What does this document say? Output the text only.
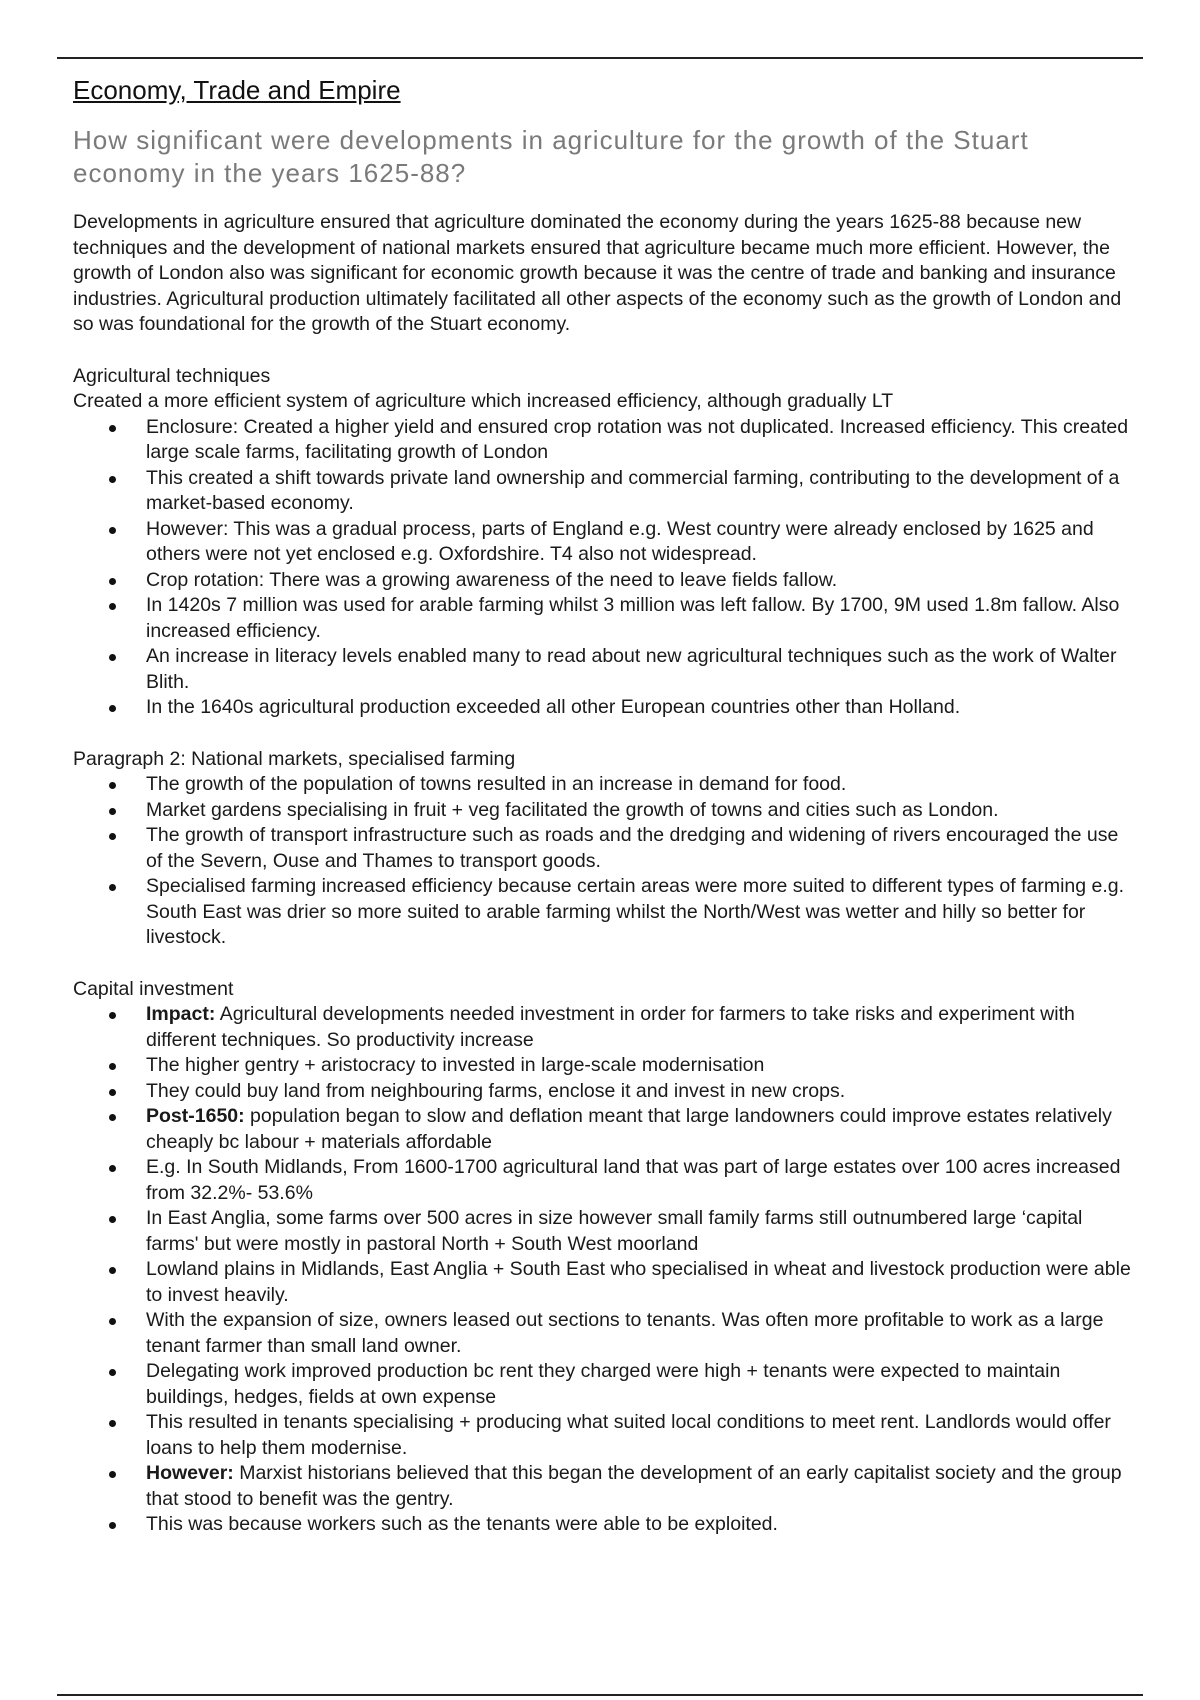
Economy, Trade and Empire
How significant were developments in agriculture for the growth of the Stuart economy in the years 1625-88?

Developments in agriculture ensured that agriculture dominated the economy during the years 1625-88 because new techniques and the development of national markets ensured that agriculture became much more efficient. However, the growth of London also was significant for economic growth because it was the centre of trade and banking and insurance industries. Agricultural production ultimately facilitated all other aspects of the economy such as the growth of London and so was foundational for the growth of the Stuart economy.

Agricultural techniques
Created a more efficient system of agriculture which increased efficiency, although gradually LT
Enclosure: Created a higher yield and ensured crop rotation was not duplicated. Increased efficiency. This created large scale farms, facilitating growth of London
This created a shift towards private land ownership and commercial farming, contributing to the development of a market-based economy.
However: This was a gradual process, parts of England e.g. West country were already enclosed by 1625 and others were not yet enclosed e.g. Oxfordshire. T4 also not widespread.
Crop rotation: There was a growing awareness of the need to leave fields fallow.
In 1420s 7 million was used for arable farming whilst 3 million was left fallow. By 1700, 9M used 1.8m fallow. Also increased efficiency.
An increase in literacy levels enabled many to read about new agricultural techniques such as the work of Walter Blith.
In the 1640s agricultural production exceeded all other European countries other than Holland.
Paragraph 2: National markets, specialised farming
The growth of the population of towns resulted in an increase in demand for food.
Market gardens specialising in fruit + veg facilitated the growth of towns and cities such as London.
The growth of transport infrastructure such as roads and the dredging and widening of rivers encouraged the use of the Severn, Ouse and Thames to transport goods.
Specialised farming increased efficiency because certain areas were more suited to different types of farming e.g. South East was drier so more suited to arable farming whilst the North/West was wetter and hilly so better for livestock.
Capital investment
Impact: Agricultural developments needed investment in order for farmers to take risks and experiment with different techniques. So productivity increase
The higher gentry + aristocracy to invested in large-scale modernisation
They could buy land from neighbouring farms, enclose it and invest in new crops.
Post-1650: population began to slow and deflation meant that large landowners could improve estates relatively cheaply bc labour + materials affordable
E.g. In South Midlands, From 1600-1700 agricultural land that was part of large estates over 100 acres increased from 32.2%- 53.6%
In East Anglia, some farms over 500 acres in size however small family farms still outnumbered large ‘capital farms' but were mostly in pastoral North + South West moorland
Lowland plains in Midlands, East Anglia + South East who specialised in wheat and livestock production were able to invest heavily.
With the expansion of size, owners leased out sections to tenants. Was often more profitable to work as a large tenant farmer than small land owner.
Delegating work improved production bc rent they charged were high + tenants were expected to maintain buildings, hedges, fields at own expense
This resulted in tenants specialising + producing what suited local conditions to meet rent. Landlords would offer loans to help them modernise.
However: Marxist historians believed that this began the development of an early capitalist society and the group that stood to benefit was the gentry.
This was because workers such as the tenants were able to be exploited.
